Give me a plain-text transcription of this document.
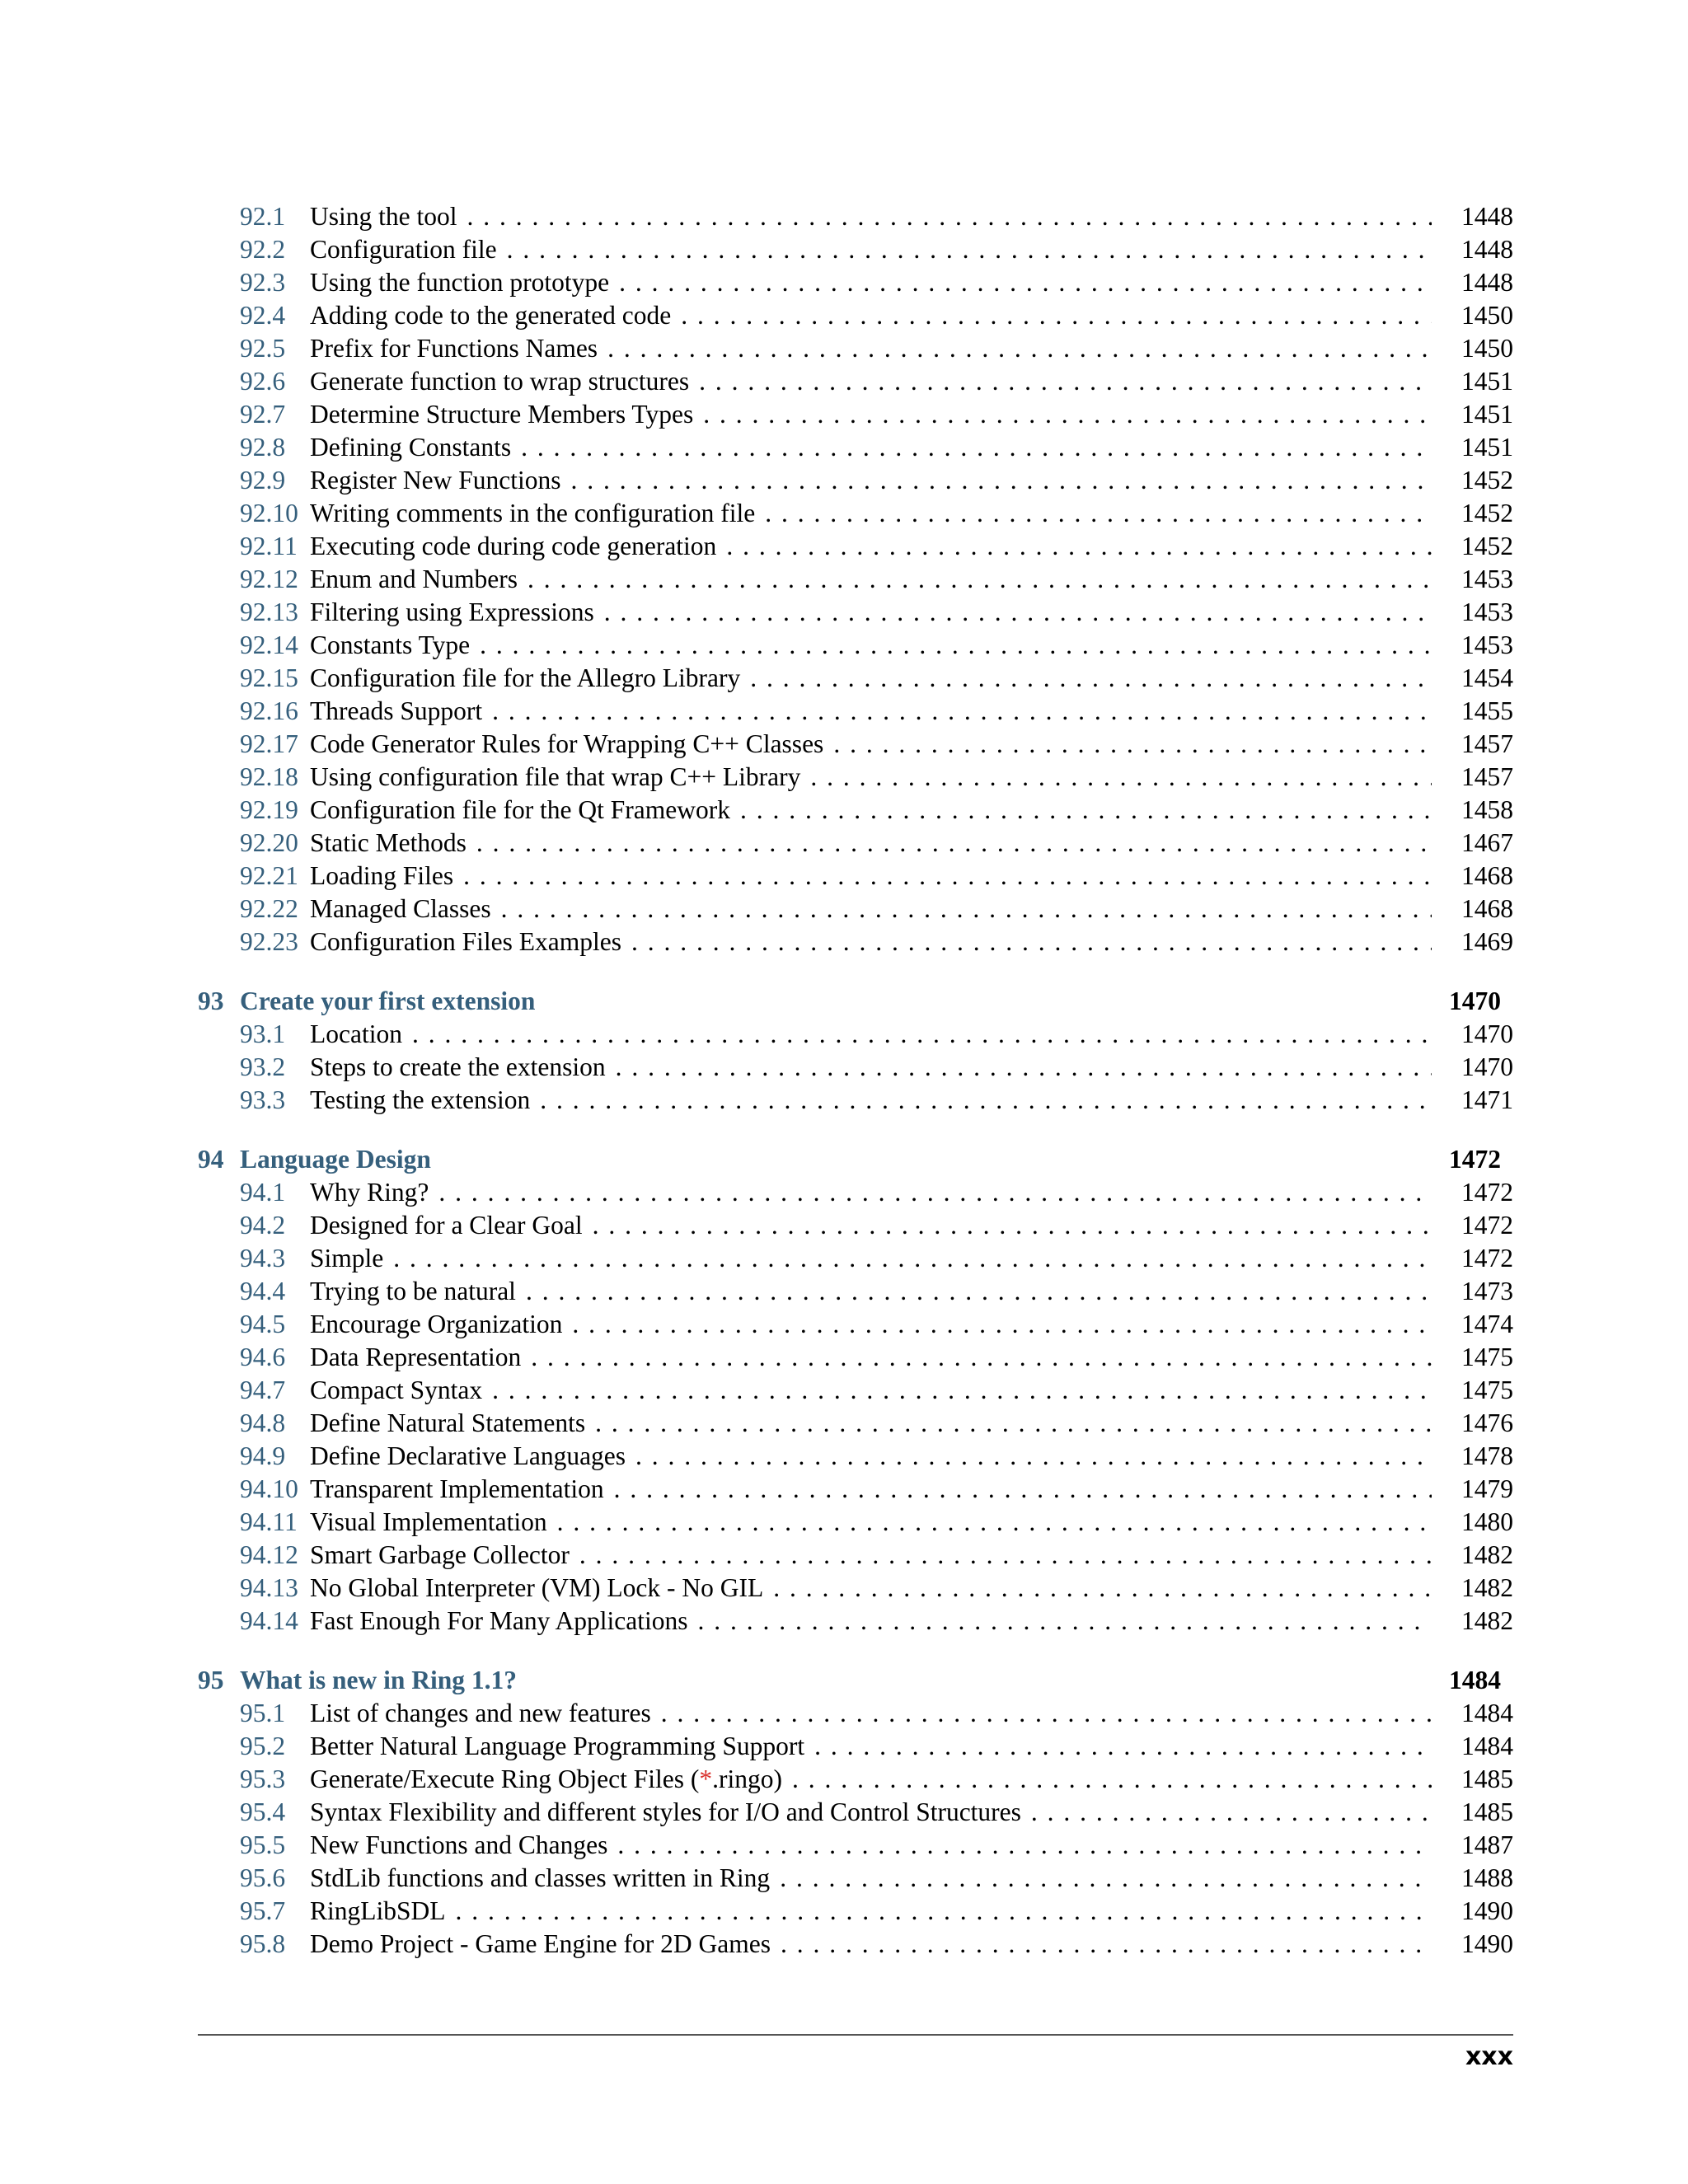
92.1 Using the tool . . .	1448
92.2 Configuration file . . .	1448
92.3 Using the function prototype . . .	1448
92.4 Adding code to the generated code . . .	1450
92.5 Prefix for Functions Names . . .	1450
92.6 Generate function to wrap structures . . .	1451
92.7 Determine Structure Members Types . . .	1451
92.8 Defining Constants . . .	1451
92.9 Register New Functions . . .	1452
92.10 Writing comments in the configuration file . . .	1452
92.11 Executing code during code generation . . .	1452
92.12 Enum and Numbers . . .	1453
92.13 Filtering using Expressions . . .	1453
92.14 Constants Type . . .	1453
92.15 Configuration file for the Allegro Library . . .	1454
92.16 Threads Support . . .	1455
92.17 Code Generator Rules for Wrapping C++ Classes . . .	1457
92.18 Using configuration file that wrap C++ Library . . .	1457
92.19 Configuration file for the Qt Framework . . .	1458
92.20 Static Methods . . .	1467
92.21 Loading Files . . .	1468
92.22 Managed Classes . . .	1468
92.23 Configuration Files Examples . . .	1469
93 Create your first extension	1470
93.1 Location . . .	1470
93.2 Steps to create the extension . . .	1470
93.3 Testing the extension . . .	1471
94 Language Design	1472
94.1 Why Ring? . . .	1472
94.2 Designed for a Clear Goal . . .	1472
94.3 Simple . . .	1472
94.4 Trying to be natural . . .	1473
94.5 Encourage Organization . . .	1474
94.6 Data Representation . . .	1475
94.7 Compact Syntax . . .	1475
94.8 Define Natural Statements . . .	1476
94.9 Define Declarative Languages . . .	1478
94.10 Transparent Implementation . . .	1479
94.11 Visual Implementation . . .	1480
94.12 Smart Garbage Collector . . .	1482
94.13 No Global Interpreter (VM) Lock - No GIL . . .	1482
94.14 Fast Enough For Many Applications . . .	1482
95 What is new in Ring 1.1?	1484
95.1 List of changes and new features . . .	1484
95.2 Better Natural Language Programming Support . . .	1484
95.3 Generate/Execute Ring Object Files (*.ringo) . . .	1485
95.4 Syntax Flexibility and different styles for I/O and Control Structures . . .	1485
95.5 New Functions and Changes . . .	1487
95.6 StdLib functions and classes written in Ring . . .	1488
95.7 RingLibSDL . . .	1490
95.8 Demo Project - Game Engine for 2D Games . . .	1490
xxx
